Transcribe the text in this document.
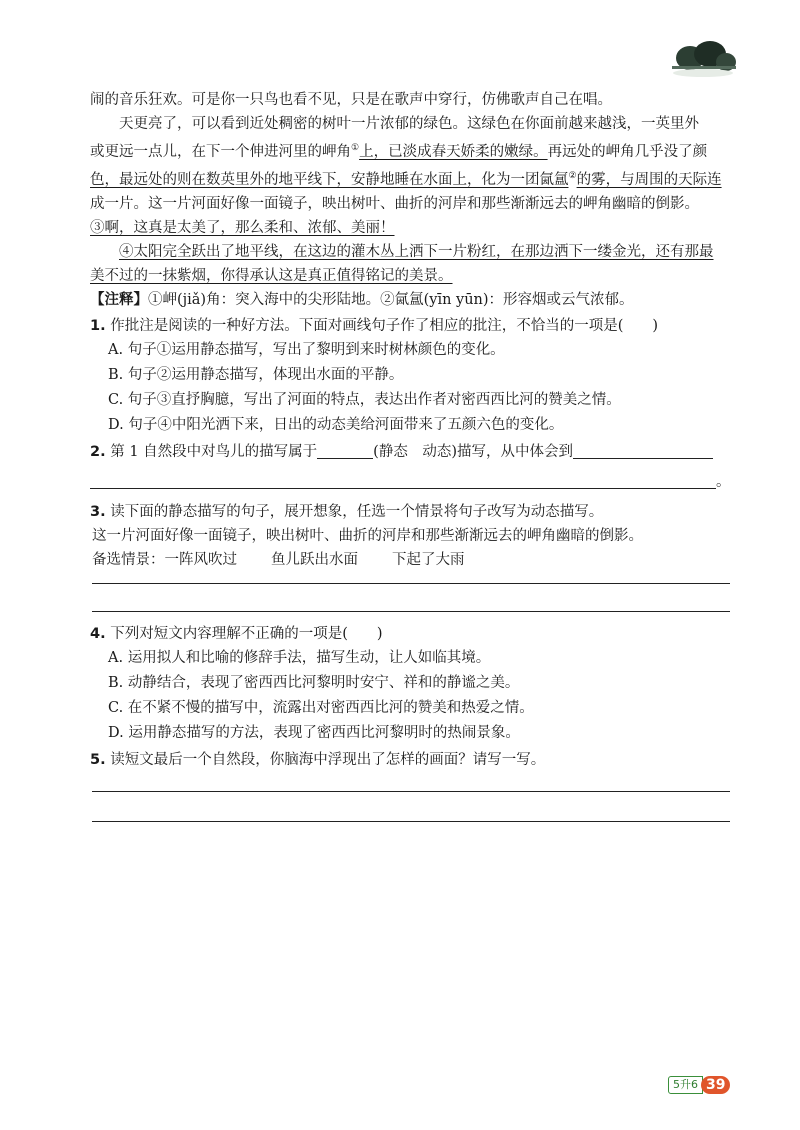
闹的音乐狂欢。可是你一只鸟也看不见，只是在歌声中穿行，仿佛歌声自己在唱。
天更亮了，可以看到近处稠密的树叶一片浓郁的绿色。这绿色在你面前越来越浅，一英里外
或更远一点儿，在下一个伸进河里的岬角①上，已淡成春天娇柔的嫩绿。再远处的岬角几乎没了颜
色，最远处的则在数英里外的地平线下，安静地睡在水面上，化为一团氤氲②的雾，与周围的天际连
成一片。这一片河面好像一面镜子，映出树叶、曲折的河岸和那些渐渐远去的岬角幽暗的倒影。
③啊，这真是太美了，那么柔和、浓郁、美丽！
④太阳完全跃出了地平线，在这边的灌木丛上洒下一片粉红，在那边洒下一缕金光，还有那最
美不过的一抹紫烟，你得承认这是真正值得铭记的美景。
【注释】①岬(jiǎ)角：突入海中的尖形陆地。②氤氲(yīn yūn)：形容烟或云气浓郁。
1. 作批注是阅读的一种好方法。下面对画线句子作了相应的批注，不恰当的一项是(　　)
A. 句子①运用静态描写，写出了黎明到来时树林颜色的变化。
B. 句子②运用静态描写，体现出水面的平静。
C. 句子③直抒胸臆，写出了河面的特点，表达出作者对密西西比河的赞美之情。
D. 句子④中阳光洒下来，日出的动态美给河面带来了五颜六色的变化。
2. 第 1 自然段中对鸟儿的描写属于	(静态　动态)描写，从中体会到
。
3. 读下面的静态描写的句子，展开想象，任选一个情景将句子改写为动态描写。
这一片河面好像一面镜子，映出树叶、曲折的河岸和那些渐渐远去的岬角幽暗的倒影。
备选情景：一阵风吹过 鱼儿跃出水面 下起了大雨
4. 下列对短文内容理解不正确的一项是(　　)
A. 运用拟人和比喻的修辞手法，描写生动，让人如临其境。
B. 动静结合，表现了密西西比河黎明时安宁、祥和的静谧之美。
C. 在不紧不慢的描写中，流露出对密西西比河的赞美和热爱之情。
D. 运用静态描写的方法，表现了密西西比河黎明时的热闹景象。
5. 读短文最后一个自然段，你脑海中浮现出了怎样的画面？请写一写。
5升6 39
